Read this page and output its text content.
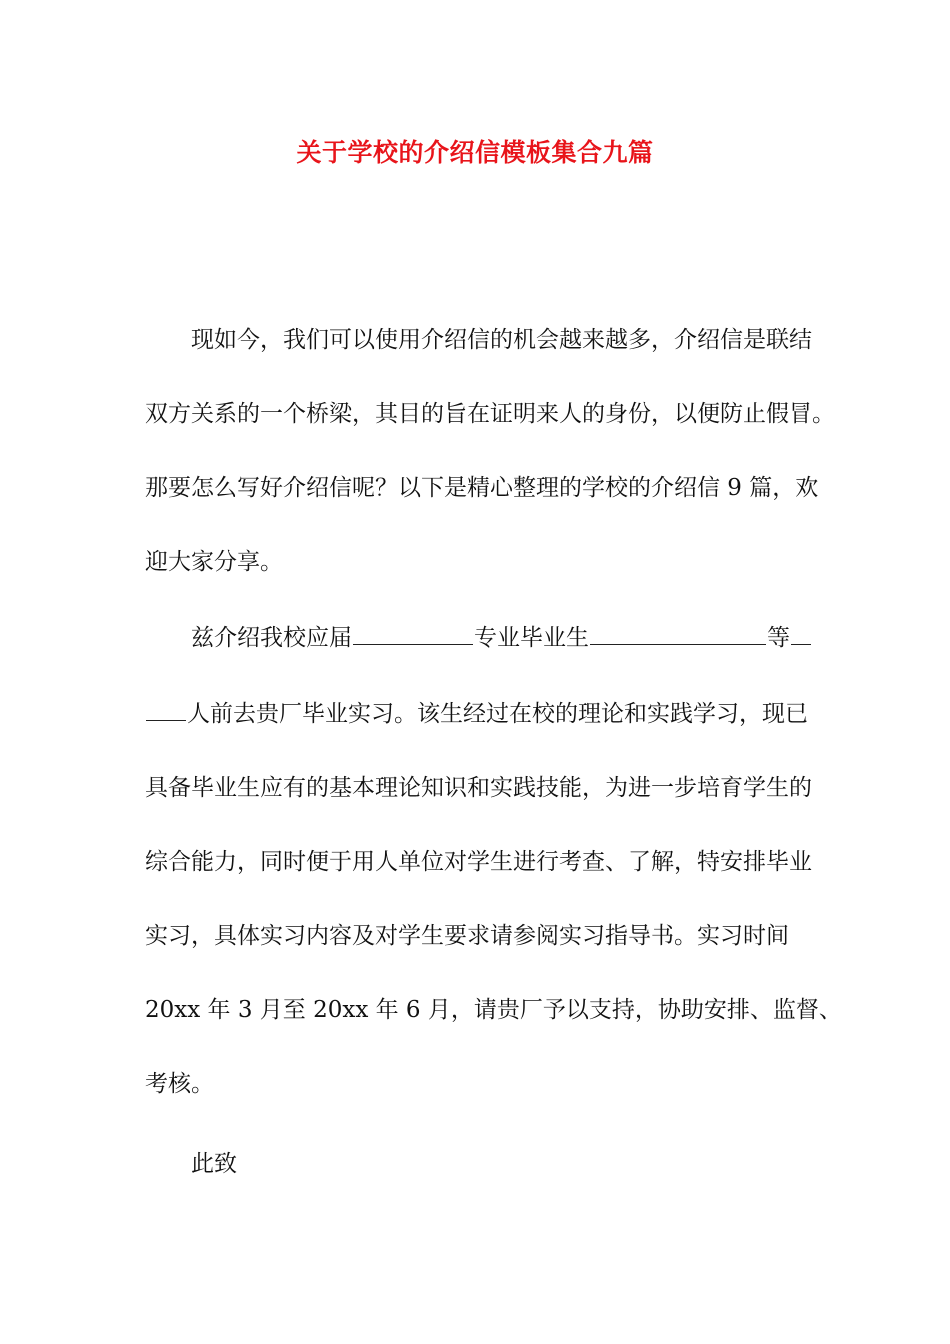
关于学校的介绍信模板集合九篇

现如今，我们可以使用介绍信的机会越来越多，介绍信是联结

双方关系的一个桥梁，其目的旨在证明来人的身份，以便防止假冒。

那要怎么写好介绍信呢？以下是精心整理的学校的介绍信 9 篇，欢

迎大家分享。

兹介绍我校应届	专业毕业生	等

人前去贵厂毕业实习。该生经过在校的理论和实践学习，现已

具备毕业生应有的基本理论知识和实践技能，为进一步培育学生的

综合能力，同时便于用人单位对学生进行考查、了解，特安排毕业

实习，具体实习内容及对学生要求请参阅实习指导书。实习时间

20xx 年 3 月至 20xx 年 6 月，请贵厂予以支持，协助安排、监督、

考核。

此致
